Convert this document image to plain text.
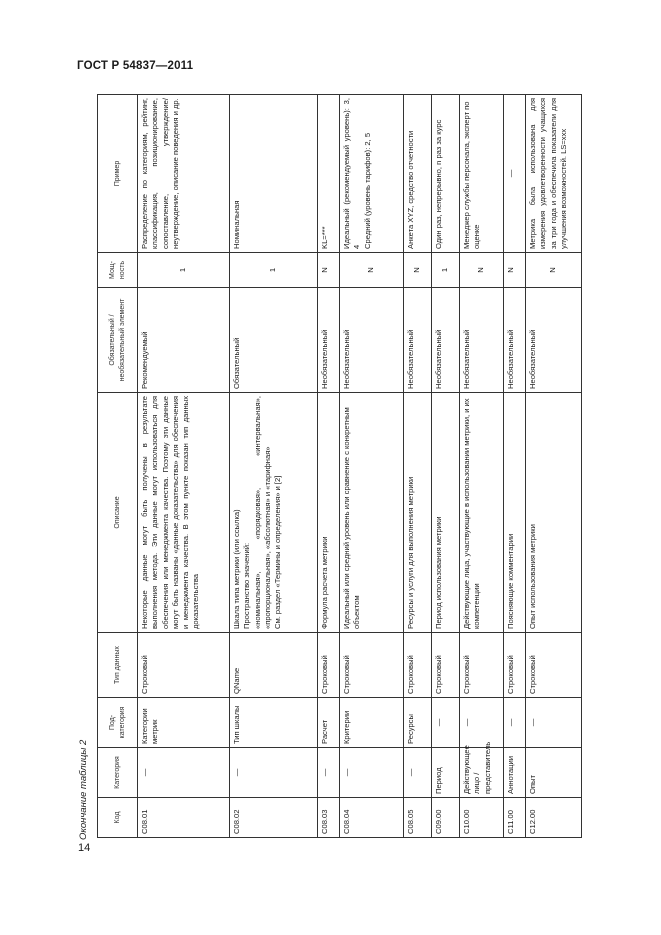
ГОСТ Р 54837—2011
Окончание таблицы 2
14
Код	Категория	Под-категория	Тип данных	Описание	Обязательный / необязательный элемент	Мощ-ность	Пример
С08.01	—	Категории метрик	Строковый	Некоторые данные могут быть получены в результате выполнения метода. Эти данные могут использоваться для обеспечения или менеджмента качества. Поэтому эти данные могут быть названы «данные доказательства» для обеспечения и менеджмента качества. В этом пункте показан тип данных доказательства	Рекомендуемый	1	Распределение по категориям, рейтинг, классификация, позиционирование, сопоставление, утверждение/неутверждение, описание поведения и др.
С08.02	—	Тип шкалы	QName	Шкала типа метрики (или ссылка) Пространство значений: «номинальная», «порядковая», «интервальная», «пропорциональная», «абсолютная» и «тарифная» См. раздел «Термины и определения» и [2]	Обязательный	1	Номинальная
С08.03	—	Расчет	Строковый	Формула расчета метрики	Необязательный	N	KL=***
С08.04	—	Критерии	Строковый	Идеальный или средний уровень или сравнение с конкретным объектом	Необязательный	N	Идеальный (рекомендуемый уровень): 3, 4 Средний (уровень тарифов): 2, 5

С08.05	—	Ресурсы	Строковый	Ресурсы и услуги для выполнения метрики	Необязательный	N	Анкета XYZ, средство отчетности
С09.00	Период	—	Строковый	Период использования метрики	Необязательный	1	Один раз, непрерывно, n раз за курс
С10.00	Действующее лицо / представитель	—	Строковый	Действующие лица, участвующие в использовании метрики, и их компетенции	Необязательный	N	Менеджер службы персонала, эксперт по оценке
С11.00	Аннотации	—	Строковый	Поясняющие комментарии	Необязательный	N	—
С12.00	Опыт	—	Строковый	Опыт использования метрики	Необязательный	N	Метрика была использована для измерения удовлетворенности учащихся за три года и обеспечила показатели для улучшения возможностей. LS=xxx
